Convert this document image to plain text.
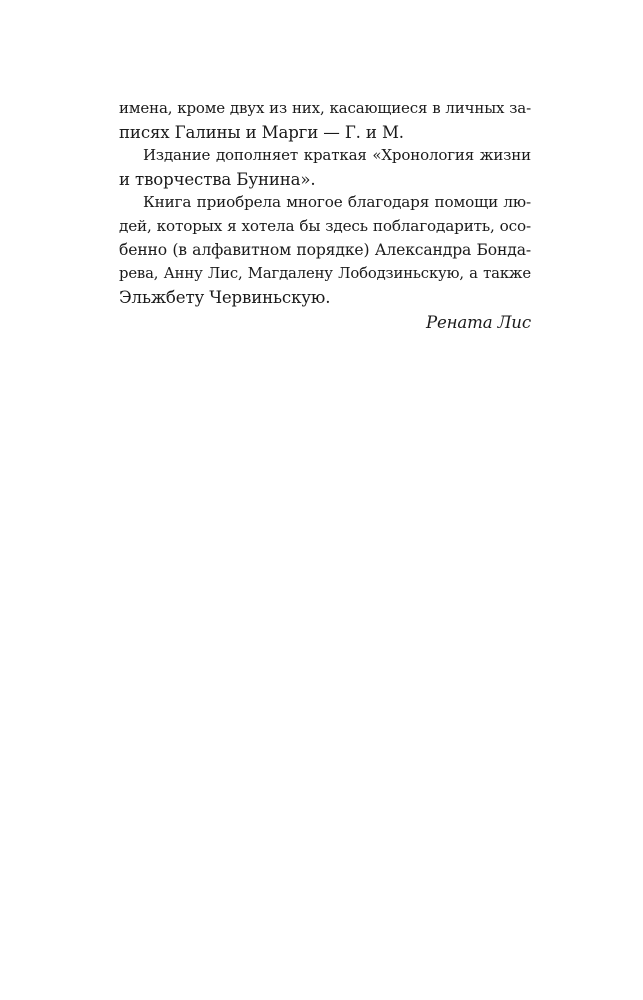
имена, кроме двух из них, касающиеся в личных за-
писях Галины и Марги — Г. и М.
Издание дополняет краткая «Хронология жизни
и творчества Бунина».
Книга приобрела многое благодаря помощи лю-
дей, которых я хотела бы здесь поблагодарить, осо-
бенно (в алфавитном порядке) Александра Бонда-
рева, Анну Лис, Магдалену Лободзиньскую, а также
Эльжбету Червиньскую.
Рената Лис
